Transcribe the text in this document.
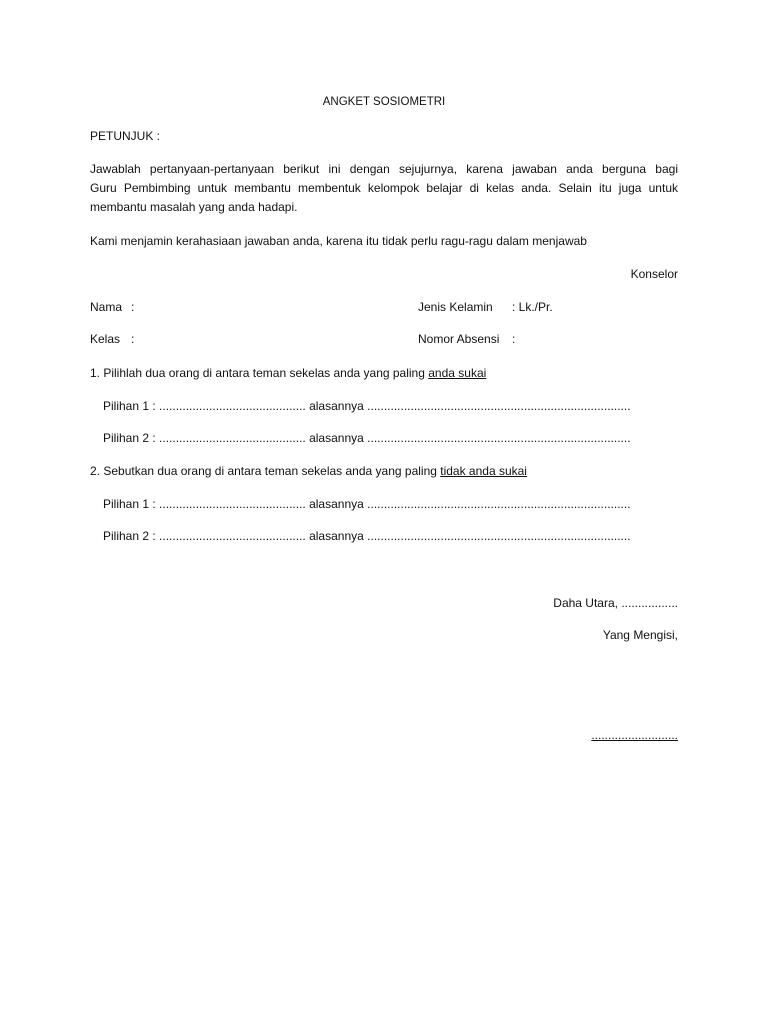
ANGKET SOSIOMETRI
PETUNJUK :
Jawablah pertanyaan-pertanyaan berikut ini dengan sejujurnya, karena jawaban anda berguna bagi
Guru Pembimbing untuk membantu membentuk kelompok belajar di kelas anda. Selain itu juga untuk
membantu masalah yang anda hadapi.
Kami menjamin kerahasiaan jawaban anda, karena itu tidak perlu ragu-ragu dalam menjawab
Konselor
Nama :	Jenis Kelamin : Lk./Pr.
Kelas :	Nomor Absensi :
1. Pilihlah dua orang di antara teman sekelas anda yang paling anda sukai
Pilihan 1 : ............................................ alasannya ...............................................................................
Pilihan 2 : ............................................ alasannya ...............................................................................
2. Sebutkan dua orang di antara teman sekelas anda yang paling tidak anda sukai
Pilihan 1 : ............................................ alasannya ...............................................................................
Pilihan 2 : ............................................ alasannya ...............................................................................
Daha Utara, .................
Yang Mengisi,
..........................
